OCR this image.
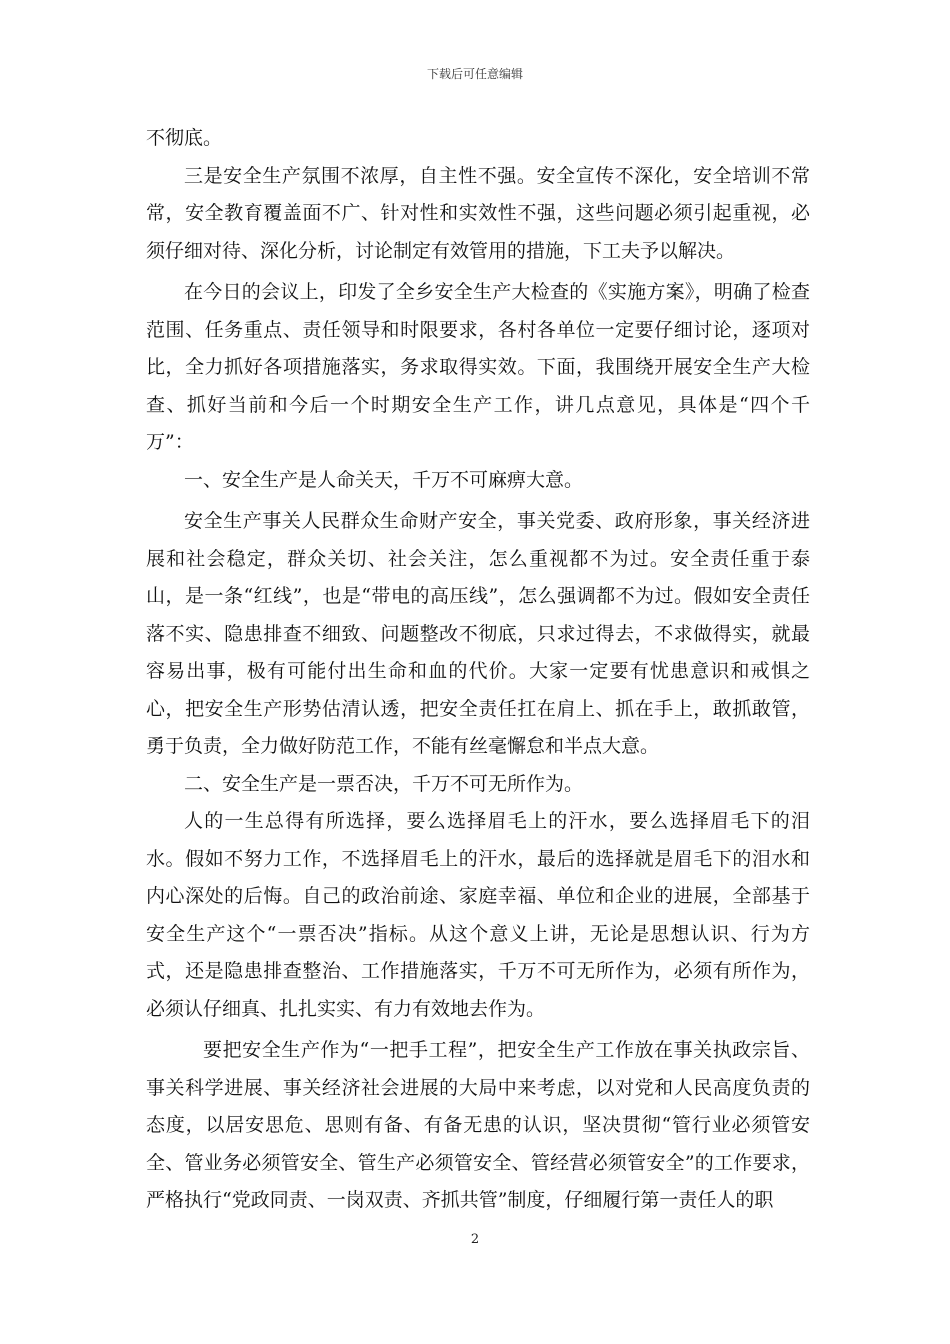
下载后可任意编辑

不彻底。

三是安全生产氛围不浓厚，自主性不强。安全宣传不深化，安全培训不常常，安全教育覆盖面不广、针对性和实效性不强，这些问题必须引起重视，必须仔细对待、深化分析，讨论制定有效管用的措施，下工夫予以解决。

在今日的会议上，印发了全乡安全生产大检查的《实施方案》，明确了检查范围、任务重点、责任领导和时限要求，各村各单位一定要仔细讨论，逐项对比，全力抓好各项措施落实，务求取得实效。下面，我围绕开展安全生产大检查、抓好当前和今后一个时期安全生产工作，讲几点意见，具体是“四个千万”：

一、安全生产是人命关天，千万不可麻痹大意。

安全生产事关人民群众生命财产安全，事关党委、政府形象，事关经济进展和社会稳定，群众关切、社会关注，怎么重视都不为过。安全责任重于泰山，是一条“红线”，也是“带电的高压线”，怎么强调都不为过。假如安全责任落不实、隐患排查不细致、问题整改不彻底，只求过得去，不求做得实，就最容易出事，极有可能付出生命和血的代价。大家一定要有忧患意识和戒惧之心，把安全生产形势估清认透，把安全责任扛在肩上、抓在手上，敢抓敢管，勇于负责，全力做好防范工作，不能有丝毫懈怠和半点大意。

二、安全生产是一票否决，千万不可无所作为。

人的一生总得有所选择，要么选择眉毛上的汗水，要么选择眉毛下的泪水。假如不努力工作，不选择眉毛上的汗水，最后的选择就是眉毛下的泪水和内心深处的后悔。自己的政治前途、家庭幸福、单位和企业的进展，全部基于安全生产这个“一票否决”指标。从这个意义上讲，无论是思想认识、行为方式，还是隐患排查整治、工作措施落实，千万不可无所作为，必须有所作为，必须认仔细真、扎扎实实、有力有效地去作为。

要把安全生产作为“一把手工程”，把安全生产工作放在事关执政宗旨、事关科学进展、事关经济社会进展的大局中来考虑，以对党和人民高度负责的态度，以居安思危、思则有备、有备无患的认识，坚决贯彻“管行业必须管安全、管业务必须管安全、管生产必须管安全、管经营必须管安全”的工作要求，严格执行“党政同责、一岗双责、齐抓共管”制度，仔细履行第一责任人的职

2
